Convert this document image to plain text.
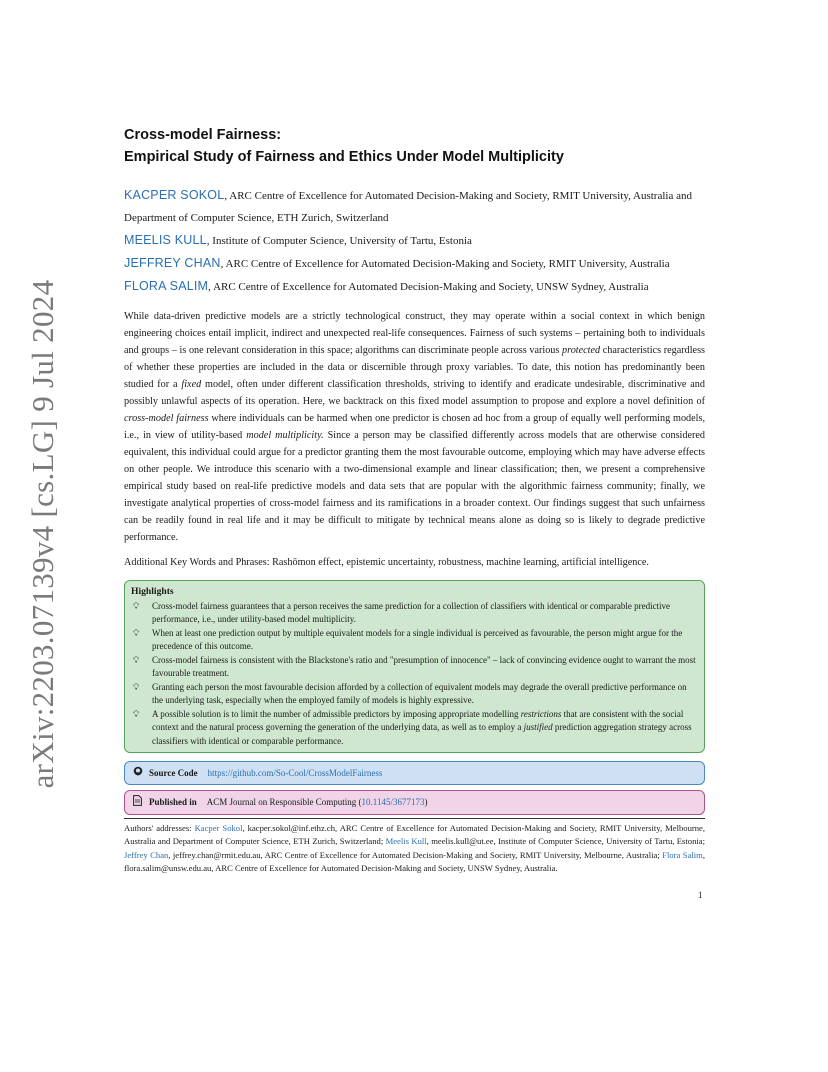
arXiv:2203.07139v4 [cs.LG] 9 Jul 2024
Cross-model Fairness:
Empirical Study of Fairness and Ethics Under Model Multiplicity
KACPER SOKOL, ARC Centre of Excellence for Automated Decision-Making and Society, RMIT University, Australia and Department of Computer Science, ETH Zurich, Switzerland
MEELIS KULL, Institute of Computer Science, University of Tartu, Estonia
JEFFREY CHAN, ARC Centre of Excellence for Automated Decision-Making and Society, RMIT University, Australia
FLORA SALIM, ARC Centre of Excellence for Automated Decision-Making and Society, UNSW Sydney, Australia
While data-driven predictive models are a strictly technological construct, they may operate within a social context in which benign engineering choices entail implicit, indirect and unexpected real-life consequences. Fairness of such systems – pertaining both to individuals and groups – is one relevant consideration in this space; algorithms can discriminate people across various protected characteristics regardless of whether these properties are included in the data or discernible through proxy variables. To date, this notion has predominantly been studied for a fixed model, often under different classification thresholds, striving to identify and eradicate undesirable, discriminative and possibly unlawful aspects of its operation. Here, we backtrack on this fixed model assumption to propose and explore a novel definition of cross-model fairness where individuals can be harmed when one predictor is chosen ad hoc from a group of equally well performing models, i.e., in view of utility-based model multiplicity. Since a person may be classified differently across models that are otherwise considered equivalent, this individual could argue for a predictor granting them the most favourable outcome, employing which may have adverse effects on other people. We introduce this scenario with a two-dimensional example and linear classification; then, we present a comprehensive empirical study based on real-life predictive models and data sets that are popular with the algorithmic fairness community; finally, we investigate analytical properties of cross-model fairness and its ramifications in a broader context. Our findings suggest that such unfairness can be readily found in real life and it may be difficult to mitigate by technical means alone as doing so is likely to degrade predictive performance.
Additional Key Words and Phrases: Rashōmon effect, epistemic uncertainty, robustness, machine learning, artificial intelligence.
Highlights
💡︎	Cross-model fairness guarantees that a person receives the same prediction for a collection of classifiers with identical or comparable predictive performance, i.e., under utility-based model multiplicity.
💡︎	When at least one prediction output by multiple equivalent models for a single individual is perceived as favourable, the person might argue for the precedence of this outcome.
💡︎	Cross-model fairness is consistent with the Blackstone's ratio and "presumption of innocence" – lack of convincing evidence ought to warrant the most favourable treatment.
💡︎	Granting each person the most favourable decision afforded by a collection of equivalent models may degrade the overall predictive performance on the underlying task, especially when the employed family of models is highly expressive.
💡︎	A possible solution is to limit the number of admissible predictors by imposing appropriate modelling restrictions that are consistent with the social context and the natural process governing the generation of the underlying data, as well as to employ a justified prediction aggregation strategy across classifiers with identical or comparable performance.
Source Code https://github.com/So-Cool/CrossModelFairness
Published in ACM Journal on Responsible Computing ( 10.1145/3677173 )
Authors' addresses: Kacper Sokol, kacper.sokol@inf.ethz.ch, ARC Centre of Excellence for Automated Decision-Making and Society, RMIT University, Melbourne, Australia and Department of Computer Science, ETH Zurich, Switzerland; Meelis Kull, meelis.kull@ut.ee, Institute of Computer Science, University of Tartu, Estonia; Jeffrey Chan, jeffrey.chan@rmit.edu.au, ARC Centre of Excellence for Automated Decision-Making and Society, RMIT University, Melbourne, Australia; Flora Salim, flora.salim@unsw.edu.au, ARC Centre of Excellence for Automated Decision-Making and Society, UNSW Sydney, Australia.
1
